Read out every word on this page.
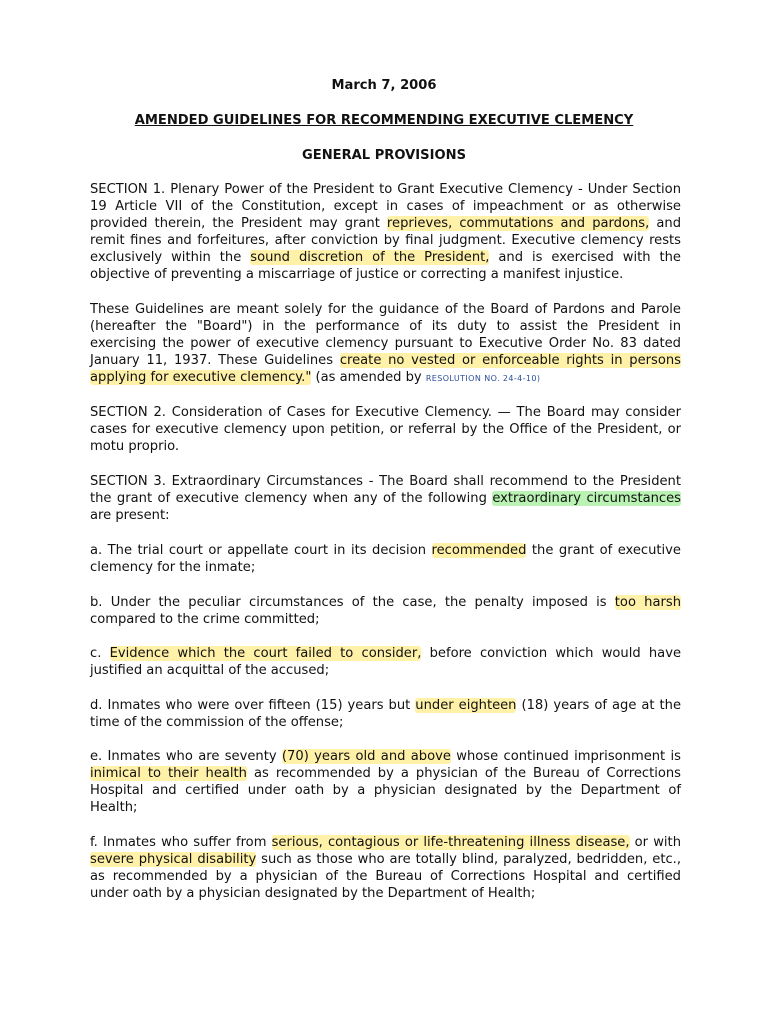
March 7, 2006
AMENDED GUIDELINES FOR RECOMMENDING EXECUTIVE CLEMENCY
GENERAL PROVISIONS
SECTION 1. Plenary Power of the President to Grant Executive Clemency - Under Section
19 Article VII of the Constitution, except in cases of impeachment or as otherwise
provided therein, the President may grant reprieves, commutations and pardons, and
remit fines and forfeitures, after conviction by final judgment. Executive clemency rests
exclusively within the sound discretion of the President, and is exercised with the
objective of preventing a miscarriage of justice or correcting a manifest injustice.
These Guidelines are meant solely for the guidance of the Board of Pardons and Parole
(hereafter the "Board") in the performance of its duty to assist the President in
exercising the power of executive clemency pursuant to Executive Order No. 83 dated
January 11, 1937. These Guidelines create no vested or enforceable rights in persons
applying for executive clemency." (as amended by RESOLUTION NO. 24-4-10)
SECTION 2. Consideration of Cases for Executive Clemency. — The Board may consider
cases for executive clemency upon petition, or referral by the Office of the President, or
motu proprio.
SECTION 3. Extraordinary Circumstances - The Board shall recommend to the President
the grant of executive clemency when any of the following extraordinary circumstances
are present:
a. The trial court or appellate court in its decision recommended the grant of executive
clemency for the inmate;
b. Under the peculiar circumstances of the case, the penalty imposed is too harsh
compared to the crime committed;
c. Evidence which the court failed to consider, before conviction which would have
justified an acquittal of the accused;
d. Inmates who were over fifteen (15) years but under eighteen (18) years of age at the
time of the commission of the offense;
e. Inmates who are seventy (70) years old and above whose continued imprisonment is
inimical to their health as recommended by a physician of the Bureau of Corrections
Hospital and certified under oath by a physician designated by the Department of
Health;
f. Inmates who suffer from serious, contagious or life-threatening illness disease, or with
severe physical disability such as those who are totally blind, paralyzed, bedridden, etc.,
as recommended by a physician of the Bureau of Corrections Hospital and certified
under oath by a physician designated by the Department of Health;
